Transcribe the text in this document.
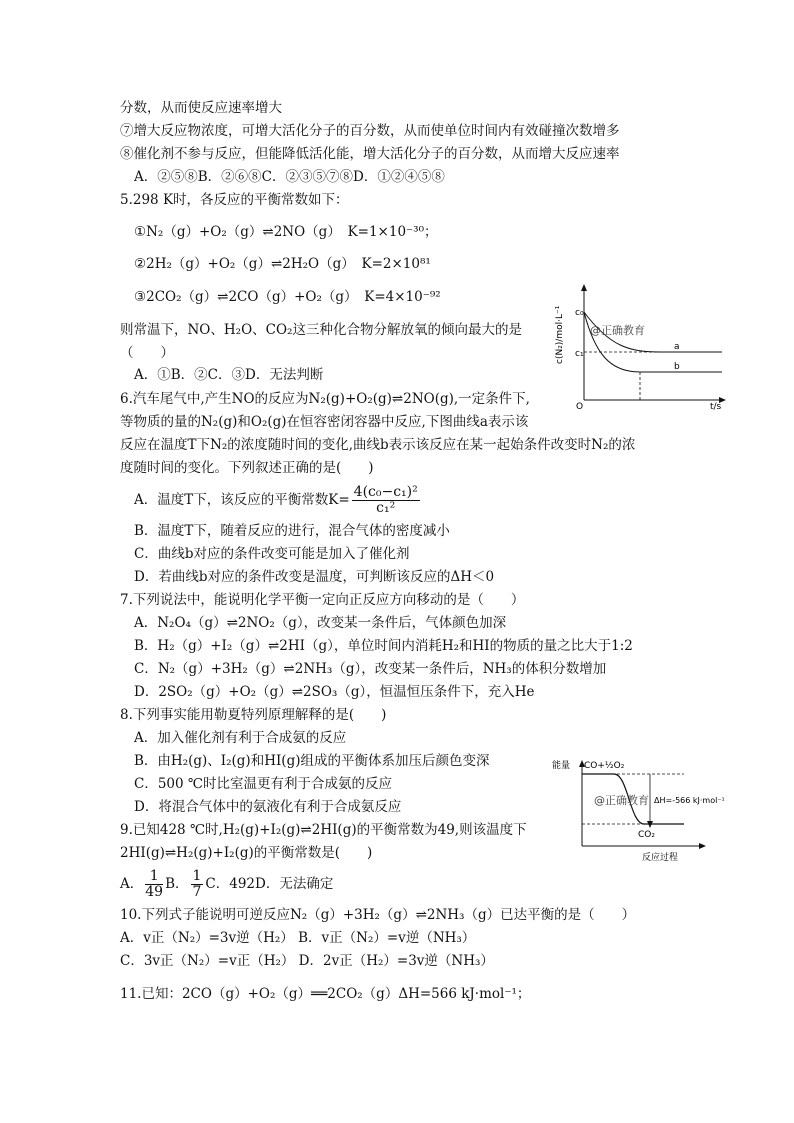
分数，从而使反应速率增大
⑦增大反应物浓度，可增大活化分子的百分数，从而使单位时间内有效碰撞次数增多
⑧催化剂不参与反应，但能降低活化能，增大活化分子的百分数，从而增大反应速率
A．②⑤⑧B．②⑥⑧C．②③⑤⑦⑧D．①②④⑤⑧
5.298 K时，各反应的平衡常数如下：
①N₂（g）+O₂（g）⇌2NO（g）　K=1×10⁻³⁰；
②2H₂（g）+O₂（g）⇌2H₂O（g）　K=2×10⁸¹
③2CO₂（g）⇌2CO（g）+O₂（g）　K=4×10⁻⁹²
则常温下，NO、H₂O、CO₂这三种化合物分解放氧的倾向最大的是
（　　）
A．①B．②C．③D．无法判断
6.汽车尾气中,产生NO的反应为N₂(g)+O₂(g)⇌2NO(g),一定条件下,
等物质的量的N₂(g)和O₂(g)在恒容密闭容器中反应,下图曲线a表示该
反应在温度T下N₂的浓度随时间的变化,曲线b表示该反应在某一起始条件改变时N₂的浓
度随时间的变化。下列叙述正确的是(　　)
A．温度T下，该反应的平衡常数$K= \frac{\text{4(c₀−c₁)²}}{\text{c₁²}}$
B．温度T下，随着反应的进行，混合气体的密度减小
C．曲线b对应的条件改变可能是加入了催化剂
D．若曲线b对应的条件改变是温度，可判断该反应的ΔH＜0
7.下列说法中，能说明化学平衡一定向正反应方向移动的是（　　）
A．N₂O₄（g）⇌2NO₂（g），改变某一条件后，气体颜色加深
B．H₂（g）+I₂（g）⇌2HI（g），单位时间内消耗H₂和HI的物质的量之比大于1:2
C．N₂（g）+3H₂（g）⇌2NH₃（g），改变某一条件后，NH₃的体积分数增加
D．2SO₂（g）+O₂（g）⇌2SO₃（g），恒温恒压条件下，充入He
8.下列事实能用勒夏特列原理解释的是(　　)
A．加入催化剂有利于合成氨的反应
B．由H₂(g)、I₂(g)和HI(g)组成的平衡体系加压后颜色变深
C．500 ℃时比室温更有利于合成氨的反应
D．将混合气体中的氨液化有利于合成氨反应
9.已知428 ℃时,H₂(g)+I₂(g)⇌2HI(g)的平衡常数为49,则该温度下
2HI(g)⇌H₂(g)+I₂(g)的平衡常数是(　　)
A． $\frac{1}{49}$ B． $\frac{1}{7}$ C．492D．无法确定
10.下列式子能说明可逆反应N₂（g）+3H₂（g）⇌2NH₃（g）已达平衡的是（　　）
A．v正（N₂）=3v逆（H₂） B．v正（N₂）=v逆（NH₃）
C．3v正（N₂）=v正（H₂） D．2v正（H₂）=3v逆（NH₃）
11.已知：2CO（g）+O₂（g）══2CO₂（g）ΔH=566 kJ·mol⁻¹；
c(N₂)/mol·L⁻¹
t/s
O
c₀
c₁
a
b
@正确教育
能量 CO+½O₂
ΔH=-566 kJ·mol⁻¹
CO₂
反应过程
@正确教育
